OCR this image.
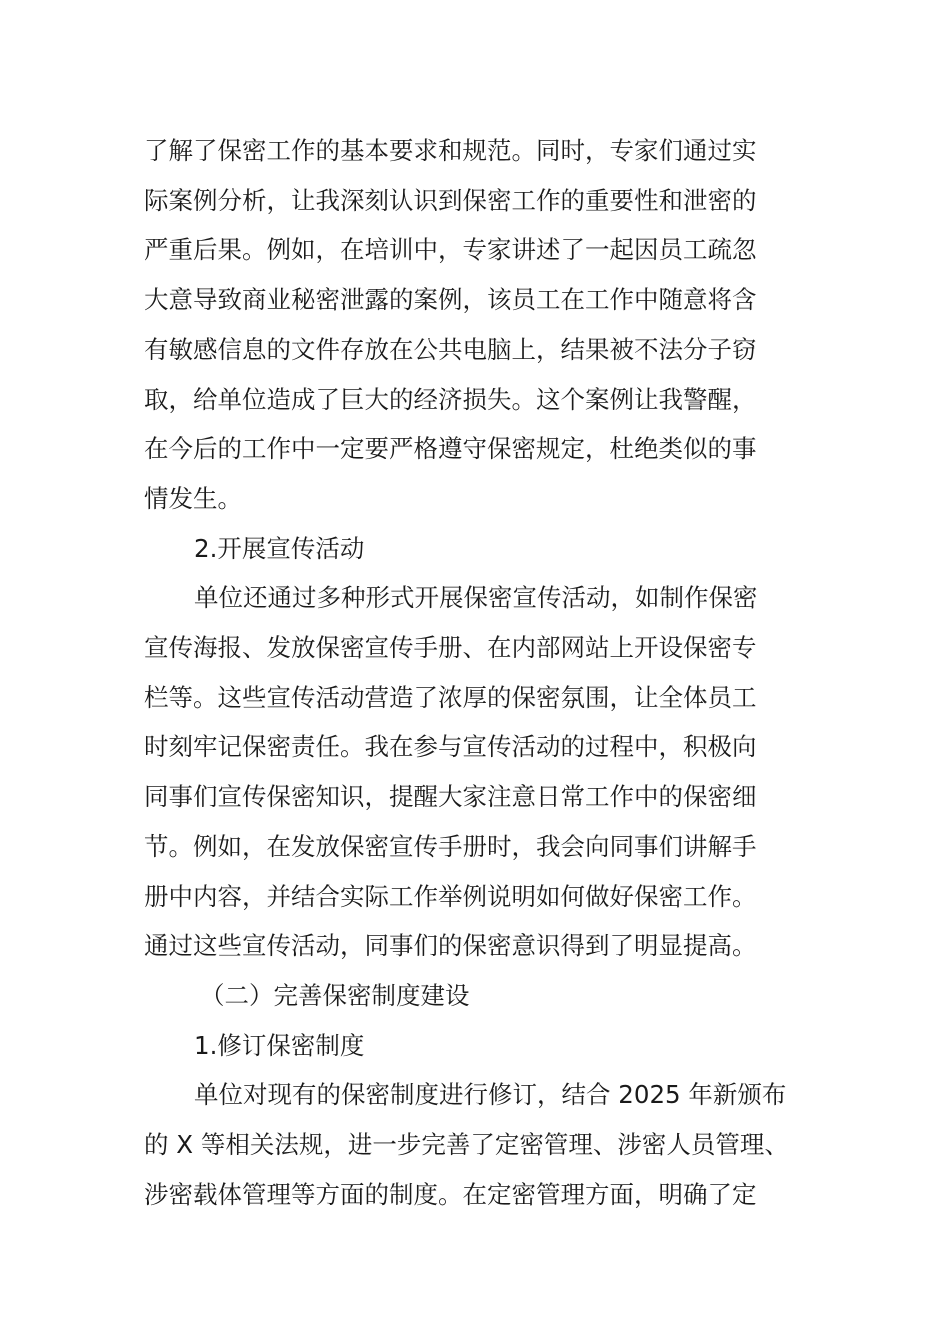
了解了保密工作的基本要求和规范。同时，专家们通过实

际案例分析，让我深刻认识到保密工作的重要性和泄密的

严重后果。例如，在培训中，专家讲述了一起因员工疏忽

大意导致商业秘密泄露的案例，该员工在工作中随意将含

有敏感信息的文件存放在公共电脑上，结果被不法分子窃

取，给单位造成了巨大的经济损失。这个案例让我警醒，

在今后的工作中一定要严格遵守保密规定，杜绝类似的事

情发生。

2.开展宣传活动

单位还通过多种形式开展保密宣传活动，如制作保密

宣传海报、发放保密宣传手册、在内部网站上开设保密专

栏等。这些宣传活动营造了浓厚的保密氛围，让全体员工

时刻牢记保密责任。我在参与宣传活动的过程中，积极向

同事们宣传保密知识，提醒大家注意日常工作中的保密细

节。例如，在发放保密宣传手册时，我会向同事们讲解手

册中内容，并结合实际工作举例说明如何做好保密工作。

通过这些宣传活动，同事们的保密意识得到了明显提高。

（二）完善保密制度建设

1.修订保密制度

单位对现有的保密制度进行修订，结合 2025 年新颁布

的 X 等相关法规，进一步完善了定密管理、涉密人员管理、

涉密载体管理等方面的制度。在定密管理方面，明确了定
